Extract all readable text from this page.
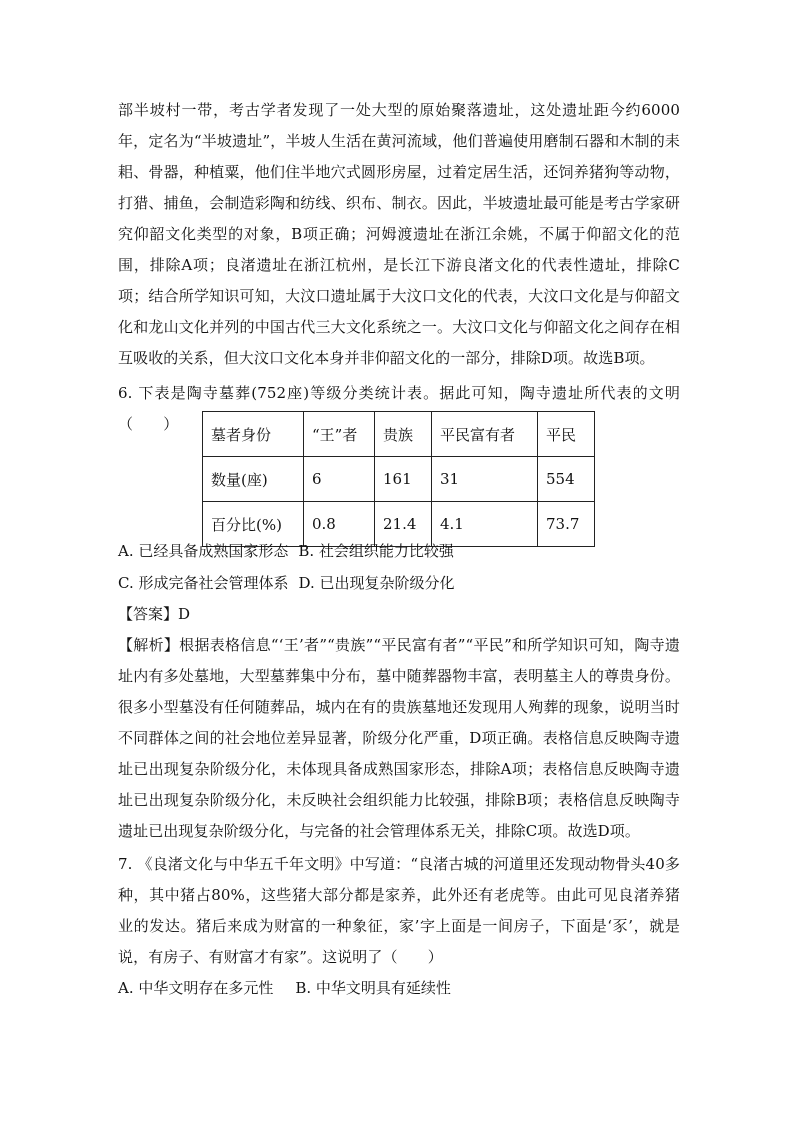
部半坡村一带，考古学者发现了一处大型的原始聚落遗址，这处遗址距今约6000年，定名为“半坡遗址”，半坡人生活在黄河流域，他们普遍使用磨制石器和木制的耒耜、骨器，种植粟，他们住半地穴式圆形房屋，过着定居生活，还饲养猪狗等动物，打猎、捕鱼，会制造彩陶和纺线、织布、制衣。因此，半坡遗址最可能是考古学家研究仰韶文化类型的对象，B项正确；河姆渡遗址在浙江余姚，不属于仰韶文化的范围，排除A项；良渚遗址在浙江杭州，是长江下游良渚文化的代表性遗址，排除C项；结合所学知识可知，大汶口遗址属于大汶口文化的代表，大汶口文化是与仰韶文化和龙山文化并列的中国古代三大文化系统之一。大汶口文化与仰韶文化之间存在相互吸收的关系，但大汶口文化本身并非仰韶文化的一部分，排除D项。故选B项。

6. 下表是陶寺墓葬(752座)等级分类统计表。据此可知，陶寺遗址所代表的文明（　　）

墓者身份	“王”者	贵族	平民富有者	平民
数量(座)	6	161	31	554
百分比(%)	0.8	21.4	4.1	73.7

A. 已经具备成熟国家形态 B. 社会组织能力比较强

C. 形成完备社会管理体系 D. 已出现复杂阶级分化

【答案】D

【解析】根据表格信息“‘王’者”“贵族”“平民富有者”“平民”和所学知识可知，陶寺遗址内有多处墓地，大型墓葬集中分布，墓中随葬器物丰富，表明墓主人的尊贵身份。很多小型墓没有任何随葬品，城内在有的贵族墓地还发现用人殉葬的现象，说明当时不同群体之间的社会地位差异显著，阶级分化严重，D项正确。表格信息反映陶寺遗址已出现复杂阶级分化，未体现具备成熟国家形态，排除A项；表格信息反映陶寺遗址已出现复杂阶级分化，未反映社会组织能力比较强，排除B项；表格信息反映陶寺遗址已出现复杂阶级分化，与完备的社会管理体系无关，排除C项。故选D项。

7. 《良渚文化与中华五千年文明》中写道：“良渚古城的河道里还发现动物骨头40多种，其中猪占80%，这些猪大部分都是家养，此外还有老虎等。由此可见良渚养猪业的发达。猪后来成为财富的一种象征，家’字上面是一间房子，下面是‘豕’，就是说，有房子、有财富才有家”。这说明了（　　）

A. 中华文明存在多元性 B. 中华文明具有延续性
